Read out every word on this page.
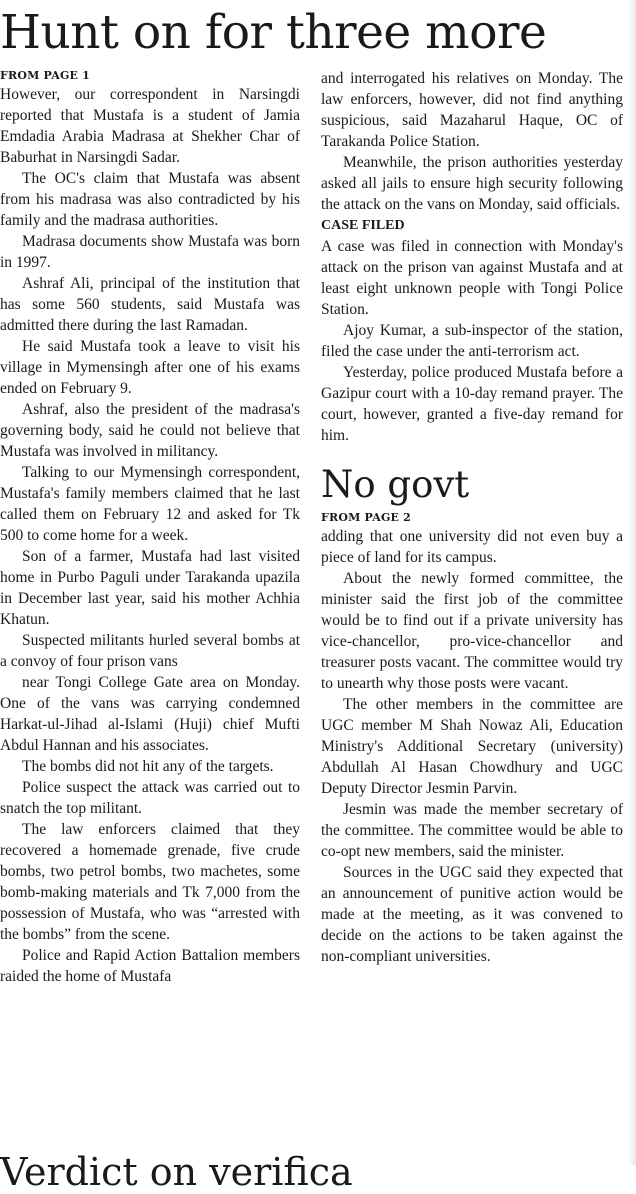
Hunt on for three more
FROM PAGE 1

However, our correspondent in Narsingdi reported that Mustafa is a student of Jamia Emdadia Arabia Madrasa at Shekher Char of Baburhat in Narsingdi Sadar.

The OC's claim that Mustafa was absent from his madrasa was also contradicted by his family and the madrasa authorities.

Madrasa documents show Mustafa was born in 1997.

Ashraf Ali, principal of the institution that has some 560 students, said Mustafa was admitted there during the last Ramadan.

He said Mustafa took a leave to visit his village in Mymensingh after one of his exams ended on February 9.

Ashraf, also the president of the madrasa's governing body, said he could not believe that Mustafa was involved in militancy.

Talking to our Mymensingh correspondent, Mustafa's family members claimed that he last called them on February 12 and asked for Tk 500 to come home for a week.

Son of a farmer, Mustafa had last visited home in Purbo Paguli under Tarakanda upazila in December last year, said his mother Achhia Khatun.

Suspected militants hurled several bombs at a convoy of four prison vans

near Tongi College Gate area on Monday. One of the vans was carrying condemned Harkat-ul-Jihad al-Islami (Huji) chief Mufti Abdul Hannan and his associates.

The bombs did not hit any of the targets.

Police suspect the attack was carried out to snatch the top militant.

The law enforcers claimed that they recovered a homemade grenade, five crude bombs, two petrol bombs, two machetes, some bomb-making materials and Tk 7,000 from the possession of Mustafa, who was “arrested with the bombs” from the scene.

Police and Rapid Action Battalion members raided the home of Mustafa

and interrogated his relatives on Monday. The law enforcers, however, did not find anything suspicious, said Mazaharul Haque, OC of Tarakanda Police Station.

Meanwhile, the prison authorities yesterday asked all jails to ensure high security following the attack on the vans on Monday, said officials.

CASE FILED

A case was filed in connection with Monday's attack on the prison van against Mustafa and at least eight unknown people with Tongi Police Station.

Ajoy Kumar, a sub-inspector of the station, filed the case under the anti-terrorism act.

Yesterday, police produced Mustafa before a Gazipur court with a 10-day remand prayer. The court, however, granted a five-day remand for him.

No govt
FROM PAGE 2

adding that one university did not even buy a piece of land for its campus.

About the newly formed committee, the minister said the first job of the committee would be to find out if a private university has vice-chancellor, pro-vice-chancellor and treasurer posts vacant. The committee would try to unearth why those posts were vacant.

The other members in the committee are UGC member M Shah Nowaz Ali, Education Ministry's Additional Secretary (university) Abdullah Al Hasan Chowdhury and UGC Deputy Director Jesmin Parvin.

Jesmin was made the member secretary of the committee. The committee would be able to co-opt new members, said the minister.

Sources in the UGC said they expected that an announcement of punitive action would be made at the meeting, as it was convened to decide on the actions to be taken against the non-compliant universities.

Verdict on verifica
